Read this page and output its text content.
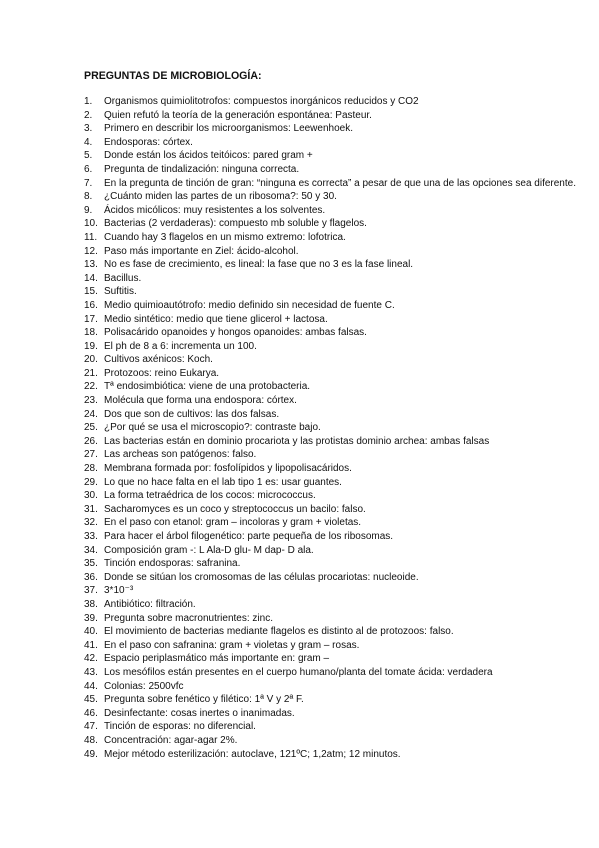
PREGUNTAS DE MICROBIOLOGÍA:
1.	Organismos quimiolitotrofos: compuestos inorgánicos reducidos y CO2
2.	Quien refutó la teoría de la generación espontánea: Pasteur.
3.	Primero en describir los microorganismos: Leewenhoek.
4.	Endosporas: córtex.
5.	Donde están los ácidos teitóicos: pared gram +
6.	Pregunta de tindalización: ninguna correcta.
7.	En la pregunta de tinción de gran: “ninguna es correcta” a pesar de que una de las opciones sea diferente.
8.	¿Cuánto miden las partes de un ribosoma?: 50 y 30.
9.	Ácidos micólicos: muy resistentes a los solventes.
10. Bacterias (2 verdaderas): compuesto mb soluble y flagelos.
11. Cuando hay 3 flagelos en un mismo extremo: lofotrica.
12. Paso más importante en Ziel: ácido-alcohol.
13. No es fase de crecimiento, es lineal: la fase que no 3 es la fase lineal.
14. Bacillus.
15. Suftitis.
16. Medio quimioautótrofo: medio definido sin necesidad de fuente C.
17. Medio sintético: medio que tiene glicerol + lactosa.
18. Polisacárido opanoides y hongos opanoides: ambas falsas.
19. El ph de 8 a 6: incrementa un 100.
20. Cultivos axénicos: Koch.
21. Protozoos: reino Eukarya.
22. Tª endosimbiótica: viene de una protobacteria.
23. Molécula que forma una endospora: córtex.
24. Dos que son de cultivos: las dos falsas.
25. ¿Por qué se usa el microscopio?: contraste bajo.
26. Las bacterias están en dominio procariota y las protistas dominio archea: ambas falsas
27. Las archeas son patógenos: falso.
28. Membrana formada por: fosfolípidos y lipopolisacáridos.
29. Lo que no hace falta en el lab tipo 1 es: usar guantes.
30. La forma tetraédrica de los cocos: micrococcus.
31. Sacharomyces es un coco y streptococcus un bacilo: falso.
32. En el paso con etanol: gram – incoloras y gram + violetas.
33. Para hacer el árbol filogenético: parte pequeña de los ribosomas.
34. Composición gram -: L Ala-D glu- M dap- D ala.
35. Tinción endosporas: safranina.
36. Donde se sitúan los cromosomas de las células procariotas: nucleoide.
37. 3*10⁻³
38. Antibiótico: filtración.
39. Pregunta sobre macronutrientes: zinc.
40. El movimiento de bacterias mediante flagelos es distinto al de protozoos: falso.
41. En el paso con safranina: gram + violetas y gram – rosas.
42. Espacio periplasmático más importante en: gram –
43. Los mesófilos están presentes en el cuerpo humano/planta del tomate ácida: verdadera
44. Colonias: 2500vfc
45. Pregunta sobre fenético y filético: 1ª V y 2ª F.
46. Desinfectante: cosas inertes o inanimadas.
47. Tinción de esporas: no diferencial.
48. Concentración: agar-agar 2%.
49. Mejor método esterilización: autoclave, 121ºC; 1,2atm; 12 minutos.
